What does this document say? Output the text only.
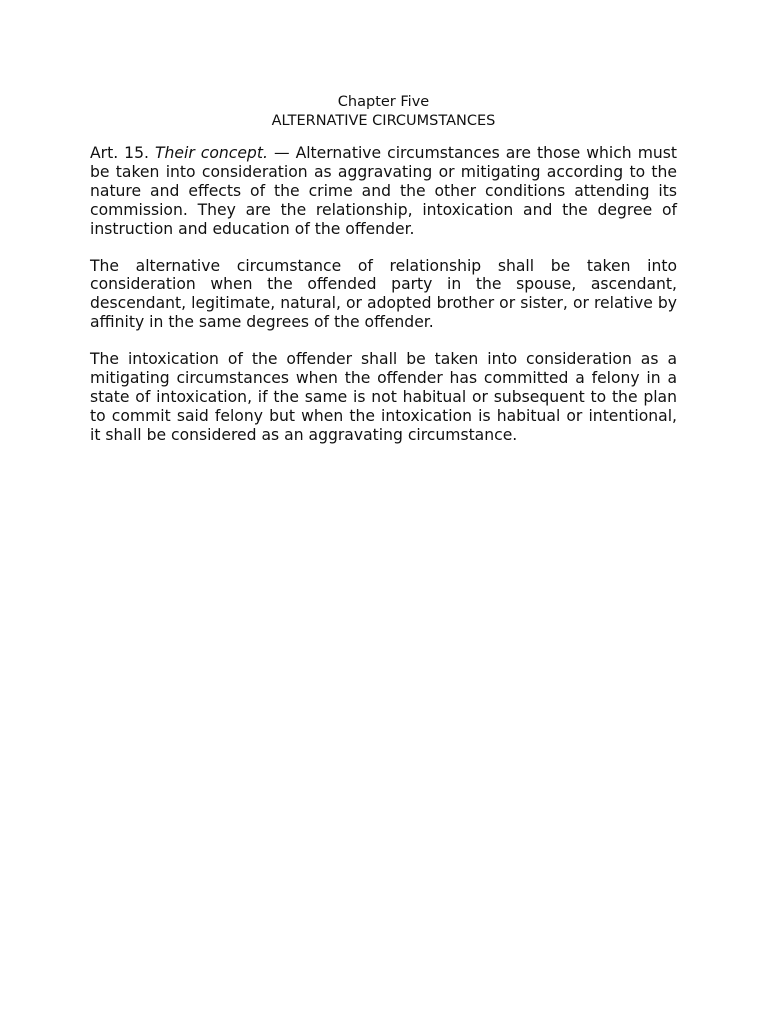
Chapter Five
ALTERNATIVE CIRCUMSTANCES

Art. 15. Their concept. — Alternative circumstances are those which must be taken into consideration as aggravating or mitigating according to the nature and effects of the crime and the other conditions attending its commission. They are the relationship, intoxication and the degree of instruction and education of the offender.

The alternative circumstance of relationship shall be taken into consideration when the offended party in the spouse, ascendant, descendant, legitimate, natural, or adopted brother or sister, or relative by affinity in the same degrees of the offender.

The intoxication of the offender shall be taken into consideration as a mitigating circumstances when the offender has committed a felony in a state of intoxication, if the same is not habitual or subsequent to the plan to commit said felony but when the intoxication is habitual or intentional, it shall be considered as an aggravating circumstance.
